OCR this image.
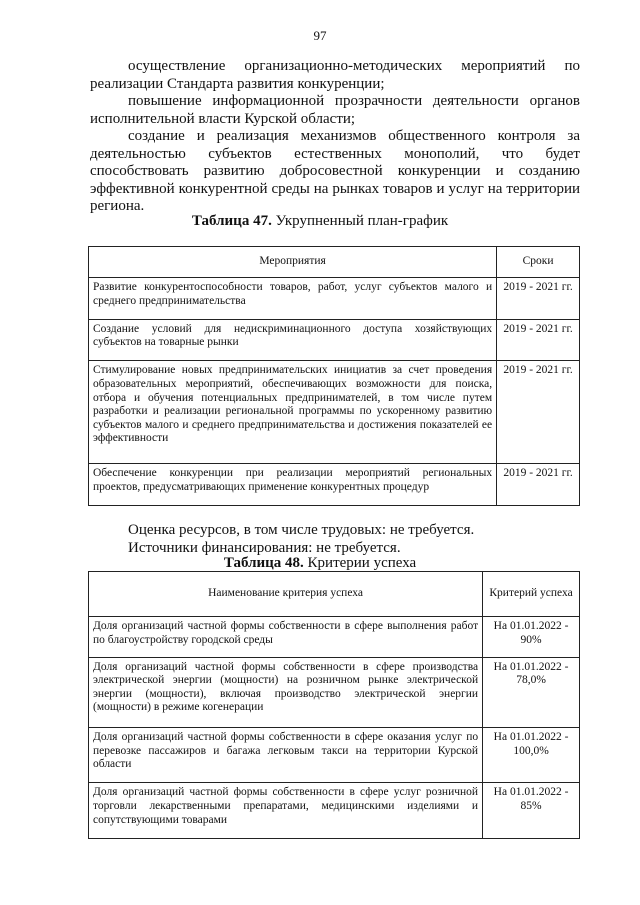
97

осуществление организационно-методических мероприятий по реализации Стандарта развития конкуренции;

повышение информационной прозрачности деятельности органов исполнительной власти Курской области;

создание и реализация механизмов общественного контроля за деятельностью субъектов естественных монополий, что будет способствовать развитию добросовестной конкуренции и созданию эффективной конкурентной среды на рынках товаров и услуг на территории региона.

Таблица 47. Укрупненный план-график
Мероприятия	Сроки
Развитие конкурентоспособности товаров, работ, услуг субъектов малого и среднего предпринимательства	2019 - 2021 гг.
Создание условий для недискриминационного доступа хозяйствующих субъектов на товарные рынки	2019 - 2021 гг.
Стимулирование новых предпринимательских инициатив за счет проведения образовательных мероприятий, обеспечивающих возможности для поиска, отбора и обучения потенциальных предпринимателей, в том числе путем разработки и реализации региональной программы по ускоренному развитию субъектов малого и среднего предпринимательства и достижения показателей ее эффективности	2019 - 2021 гг.
Обеспечение конкуренции при реализации мероприятий региональных проектов, предусматривающих применение конкурентных процедур	2019 - 2021 гг.
Оценка ресурсов, в том числе трудовых: не требуется.
Источники финансирования: не требуется.
Таблица 48. Критерии успеха
Наименование критерия успеха	Критерий успеха
Доля организаций частной формы собственности в сфере выполнения работ по благоустройству городской среды	На 01.01.2022 - 90%
Доля организаций частной формы собственности в сфере производства электрической энергии (мощности) на розничном рынке электрической энергии (мощности), включая производство электрической энергии (мощности) в режиме когенерации	На 01.01.2022 - 78,0%
Доля организаций частной формы собственности в сфере оказания услуг по перевозке пассажиров и багажа легковым такси на территории Курской области	На 01.01.2022 - 100,0%
Доля организаций частной формы собственности в сфере услуг розничной торговли лекарственными препаратами, медицинскими изделиями и сопутствующими товарами	На 01.01.2022 - 85%
